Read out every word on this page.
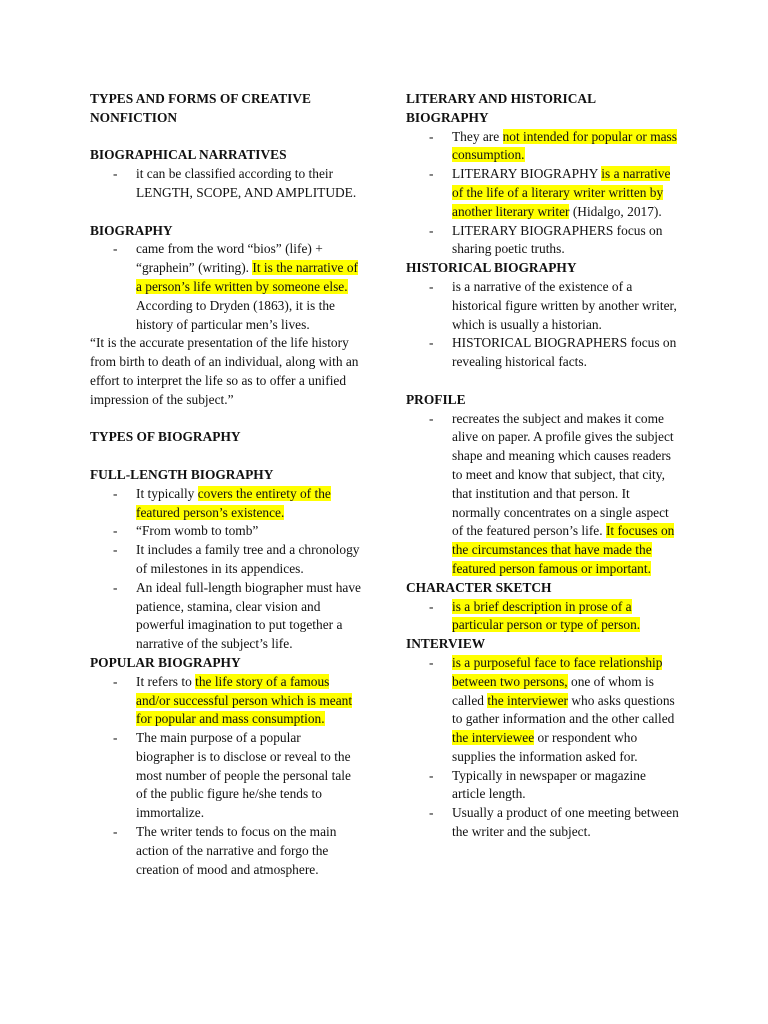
TYPES AND FORMS OF CREATIVE
NONFICTION

BIOGRAPHICAL NARRATIVES

- it can be classified according to their LENGTH, SCOPE, AND AMPLITUDE.

BIOGRAPHY

- came from the word “bios” (life) + “graphein” (writing). It is the narrative of a person’s life written by someone else. According to Dryden (1863), it is the history of particular men’s lives.

“It is the accurate presentation of the life history from birth to death of an individual, along with an effort to interpret the life so as to offer a unified impression of the subject.”

TYPES OF BIOGRAPHY

FULL-LENGTH BIOGRAPHY

- It typically covers the entirety of the featured person’s existence.

- “From womb to tomb”

- It includes a family tree and a chronology of milestones in its appendices.

- An ideal full-length biographer must have patience, stamina, clear vision and powerful imagination to put together a narrative of the subject’s life.

POPULAR BIOGRAPHY

- It refers to the life story of a famous and/or successful person which is meant for popular and mass consumption.

- The main purpose of a popular biographer is to disclose or reveal to the most number of people the personal tale of the public figure he/she tends to immortalize.

- The writer tends to focus on the main action of the narrative and forgo the creation of mood and atmosphere.

LITERARY AND HISTORICAL
BIOGRAPHY

- They are not intended for popular or mass consumption.

- LITERARY BIOGRAPHY is a narrative of the life of a literary writer written by another literary writer (Hidalgo, 2017).

- LITERARY BIOGRAPHERS focus on sharing poetic truths.

HISTORICAL BIOGRAPHY

- is a narrative of the existence of a historical figure written by another writer, which is usually a historian.

- HISTORICAL BIOGRAPHERS focus on revealing historical facts.

PROFILE

- recreates the subject and makes it come alive on paper. A profile gives the subject shape and meaning which causes readers to meet and know that subject, that city, that institution and that person. It normally concentrates on a single aspect of the featured person’s life. It focuses on the circumstances that have made the featured person famous or important.

CHARACTER SKETCH

- is a brief description in prose of a particular person or type of person.

INTERVIEW

- is a purposeful face to face relationship between two persons, one of whom is called the interviewer who asks questions to gather information and the other called the interviewee or respondent who supplies the information asked for.

- Typically in newspaper or magazine article length.

- Usually a product of one meeting between the writer and the subject.
